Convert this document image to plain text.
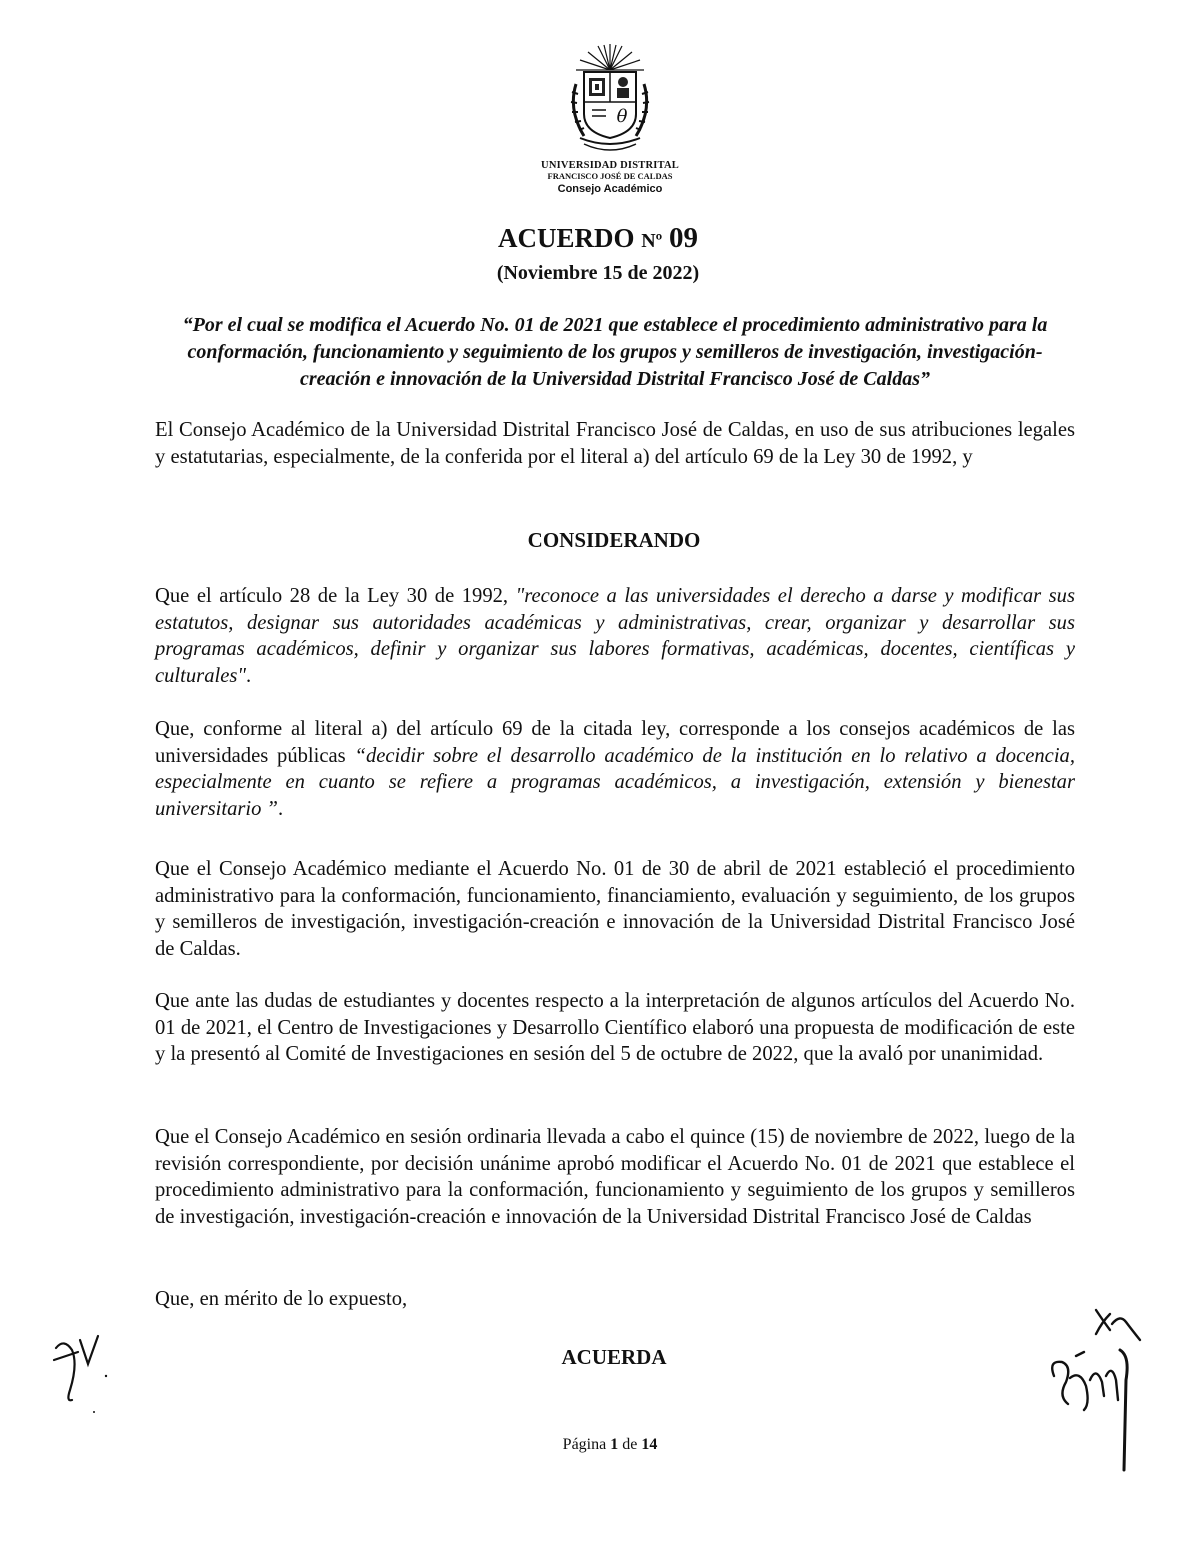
θ
UNIVERSIDAD DISTRITAL
FRANCISCO JOSÉ DE CALDAS
Consejo Académico
ACUERDO Nº 09
(Noviembre 15 de 2022)
“Por el cual se modifica el Acuerdo No. 01 de 2021 que establece el procedimiento administrativo para la conformación, funcionamiento y seguimiento de los grupos y semilleros de investigación, investigación-creación e innovación de la Universidad Distrital Francisco José de Caldas”

El Consejo Académico de la Universidad Distrital Francisco José de Caldas, en uso de sus atribuciones legales y estatutarias, especialmente, de la conferida por el literal a) del artículo 69 de la Ley 30 de 1992, y

CONSIDERANDO

Que el artículo 28 de la Ley 30 de 1992, "reconoce a las universidades el derecho a darse y modificar sus estatutos, designar sus autoridades académicas y administrativas, crear, organizar y desarrollar sus programas académicos, definir y organizar sus labores formativas, académicas, docentes, científicas y culturales".

Que, conforme al literal a) del artículo 69 de la citada ley, corresponde a los consejos académicos de las universidades públicas “decidir sobre el desarrollo académico de la institución en lo relativo a docencia, especialmente en cuanto se refiere a programas académicos, a investigación, extensión y bienestar universitario ”.

Que el Consejo Académico mediante el Acuerdo No. 01 de 30 de abril de 2021 estableció el procedimiento administrativo para la conformación, funcionamiento, financiamiento, evaluación y seguimiento, de los grupos y semilleros de investigación, investigación-creación e innovación de la Universidad Distrital Francisco José de Caldas.

Que ante las dudas de estudiantes y docentes respecto a la interpretación de algunos artículos del Acuerdo No. 01 de 2021, el Centro de Investigaciones y Desarrollo Científico elaboró una propuesta de modificación de este y la presentó al Comité de Investigaciones en sesión del 5 de octubre de 2022, que la avaló por unanimidad.

Que el Consejo Académico en sesión ordinaria llevada a cabo el quince (15) de noviembre de 2022, luego de la revisión correspondiente, por decisión unánime aprobó modificar el Acuerdo No. 01 de 2021 que establece el procedimiento administrativo para la conformación, funcionamiento y seguimiento de los grupos y semilleros de investigación, investigación-creación e innovación de la Universidad Distrital Francisco José de Caldas

Que, en mérito de lo expuesto,

ACUERDA
Página 1 de 14
